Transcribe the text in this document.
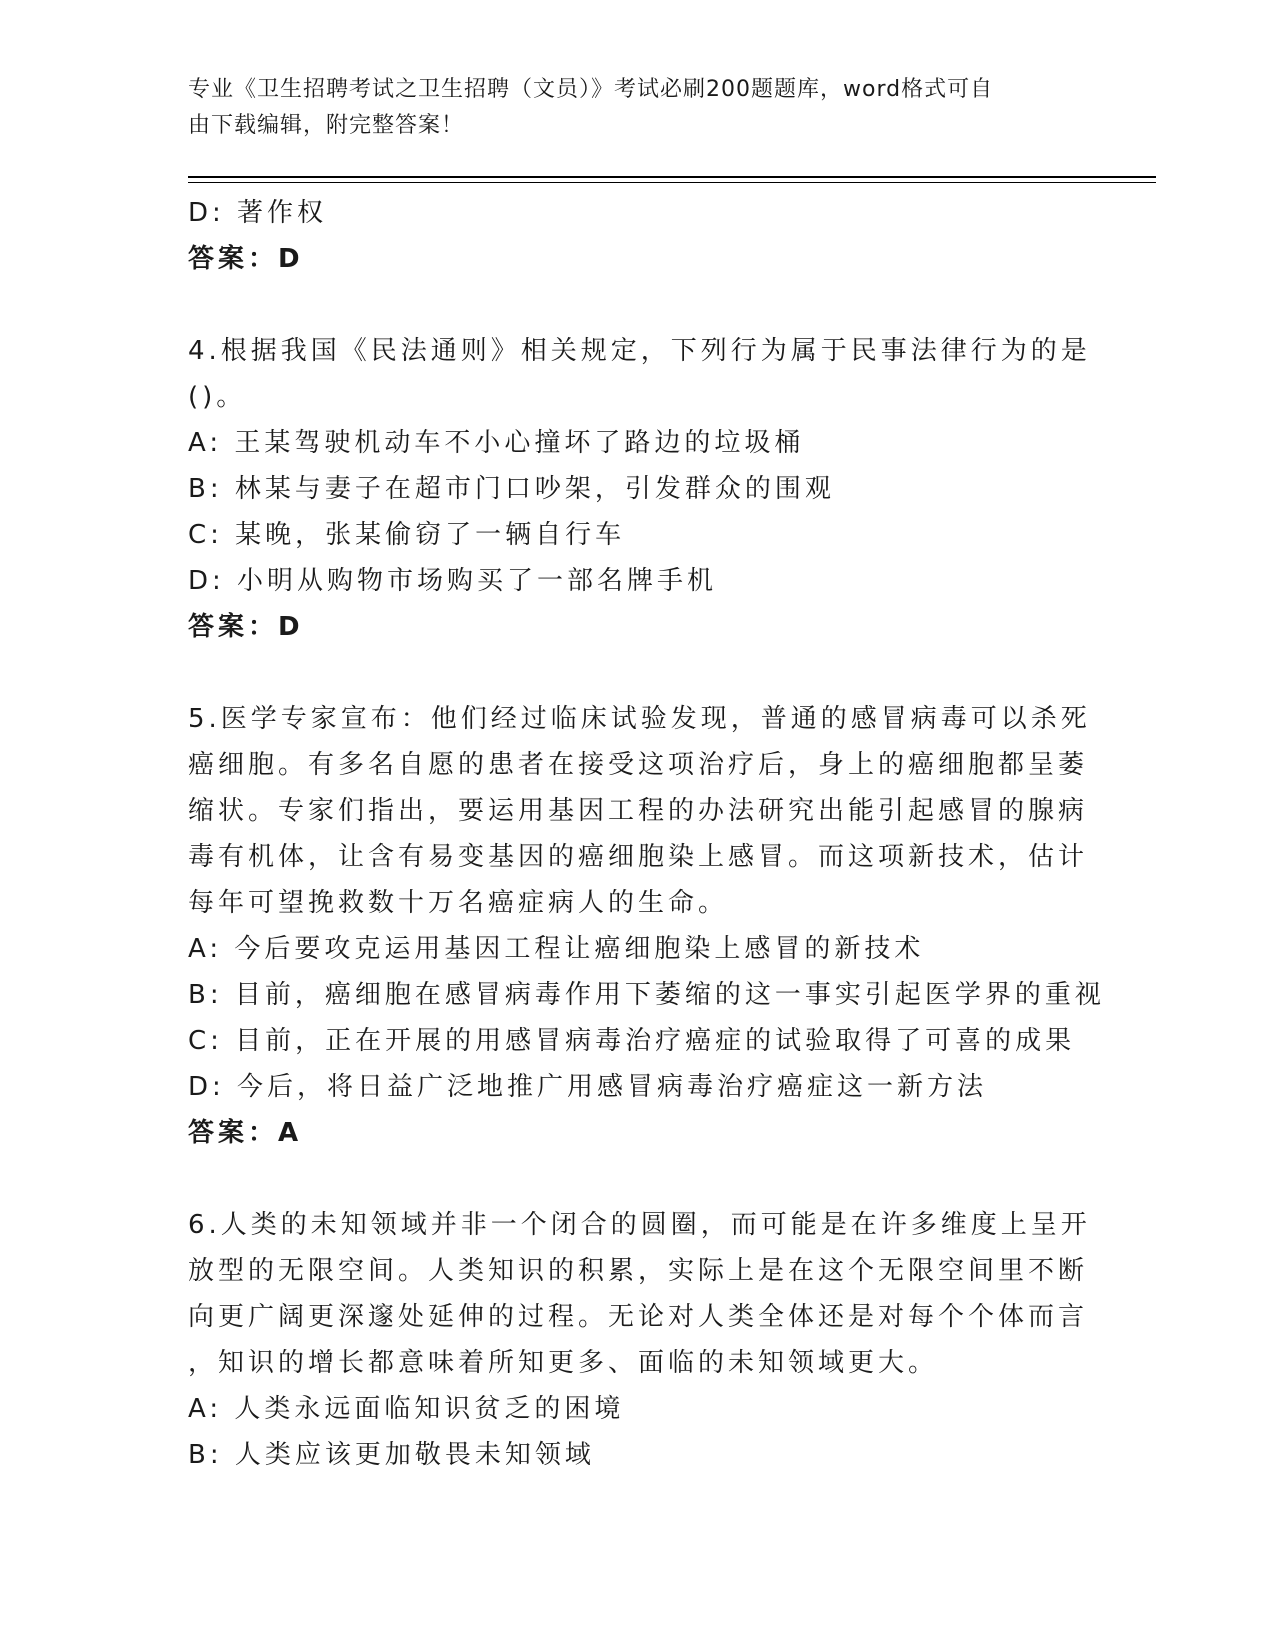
专业《卫生招聘考试之卫生招聘（文员）》考试必刷200题题库，word格式可自
由下载编辑，附完整答案！

D: 著作权

答案：D

4.根据我国《民法通则》相关规定，下列行为属于民事法律行为的是

()。

A: 王某驾驶机动车不小心撞坏了路边的垃圾桶

B: 林某与妻子在超市门口吵架，引发群众的围观

C: 某晚，张某偷窃了一辆自行车

D: 小明从购物市场购买了一部名牌手机

答案：D

5.医学专家宣布：他们经过临床试验发现，普通的感冒病毒可以杀死

癌细胞。有多名自愿的患者在接受这项治疗后，身上的癌细胞都呈萎

缩状。专家们指出，要运用基因工程的办法研究出能引起感冒的腺病

毒有机体，让含有易变基因的癌细胞染上感冒。而这项新技术，估计

每年可望挽救数十万名癌症病人的生命。

A: 今后要攻克运用基因工程让癌细胞染上感冒的新技术

B: 目前，癌细胞在感冒病毒作用下萎缩的这一事实引起医学界的重视

C: 目前，正在开展的用感冒病毒治疗癌症的试验取得了可喜的成果

D: 今后，将日益广泛地推广用感冒病毒治疗癌症这一新方法

答案：A

6.人类的未知领域并非一个闭合的圆圈，而可能是在许多维度上呈开

放型的无限空间。人类知识的积累，实际上是在这个无限空间里不断

向更广阔更深邃处延伸的过程。无论对人类全体还是对每个个体而言

，知识的增长都意味着所知更多、面临的未知领域更大。

A: 人类永远面临知识贫乏的困境

B: 人类应该更加敬畏未知领域
